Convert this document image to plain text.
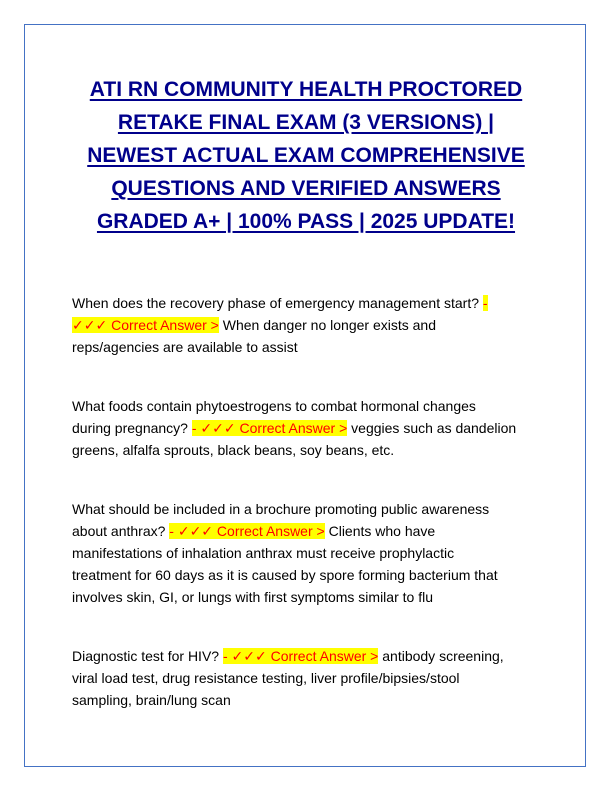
ATI RN COMMUNITY HEALTH PROCTORED
RETAKE FINAL EXAM (3 VERSIONS) |
NEWEST ACTUAL EXAM COMPREHENSIVE
QUESTIONS AND VERIFIED ANSWERS
GRADED A+ | 100% PASS | 2025 UPDATE!
When does the recovery phase of emergency management start? -
✓✓✓ Correct Answer > When danger no longer exists and
reps/agencies are available to assist
What foods contain phytoestrogens to combat hormonal changes
during pregnancy? - ✓✓✓ Correct Answer > veggies such as dandelion
greens, alfalfa sprouts, black beans, soy beans, etc.
What should be included in a brochure promoting public awareness
about anthrax? - ✓✓✓ Correct Answer > Clients who have
manifestations of inhalation anthrax must receive prophylactic
treatment for 60 days as it is caused by spore forming bacterium that
involves skin, GI, or lungs with first symptoms similar to flu
Diagnostic test for HIV? - ✓✓✓ Correct Answer > antibody screening,
viral load test, drug resistance testing, liver profile/bipsies/stool
sampling, brain/lung scan
